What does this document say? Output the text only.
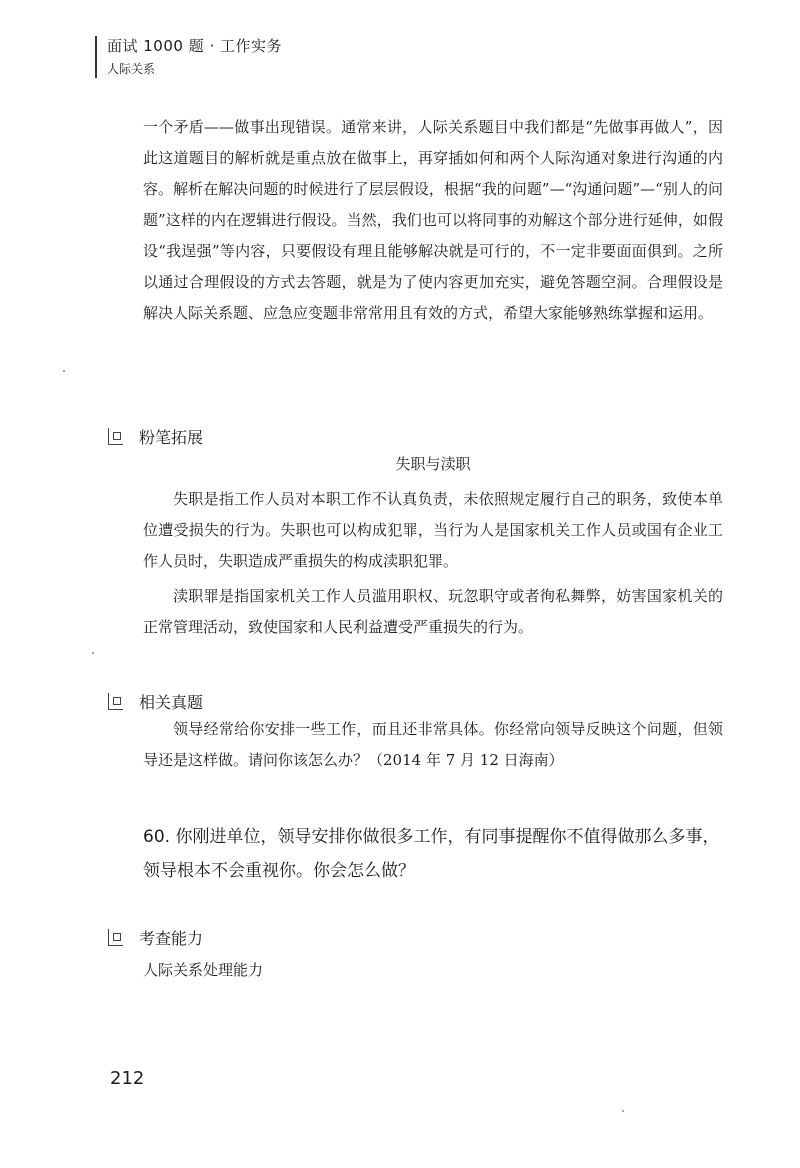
面试 1000 题 · 工作实务
人际关系

一个矛盾——做事出现错误。通常来讲，人际关系题目中我们都是“先做事再做人”，因此这道题目的解析就是重点放在做事上，再穿插如何和两个人际沟通对象进行沟通的内容。解析在解决问题的时候进行了层层假设，根据“我的问题”—“沟通问题”—“别人的问题”这样的内在逻辑进行假设。当然，我们也可以将同事的劝解这个部分进行延伸，如假设“我逞强”等内容，只要假设有理且能够解决就是可行的，不一定非要面面俱到。之所以通过合理假设的方式去答题，就是为了使内容更加充实，避免答题空洞。合理假设是解决人际关系题、应急应变题非常常用且有效的方式，希望大家能够熟练掌握和运用。

粉笔拓展

失职与渎职

失职是指工作人员对本职工作不认真负责，未依照规定履行自己的职务，致使本单位遭受损失的行为。失职也可以构成犯罪，当行为人是国家机关工作人员或国有企业工作人员时，失职造成严重损失的构成渎职犯罪。

渎职罪是指国家机关工作人员滥用职权、玩忽职守或者徇私舞弊，妨害国家机关的正常管理活动，致使国家和人民利益遭受严重损失的行为。

相关真题

领导经常给你安排一些工作，而且还非常具体。你经常向领导反映这个问题，但领导还是这样做。请问你该怎么办？（2014 年 7 月 12 日海南）

60. 你刚进单位，领导安排你做很多工作，有同事提醒你不值得做那么多事，领导根本不会重视你。你会怎么做？

考查能力

人际关系处理能力

212
